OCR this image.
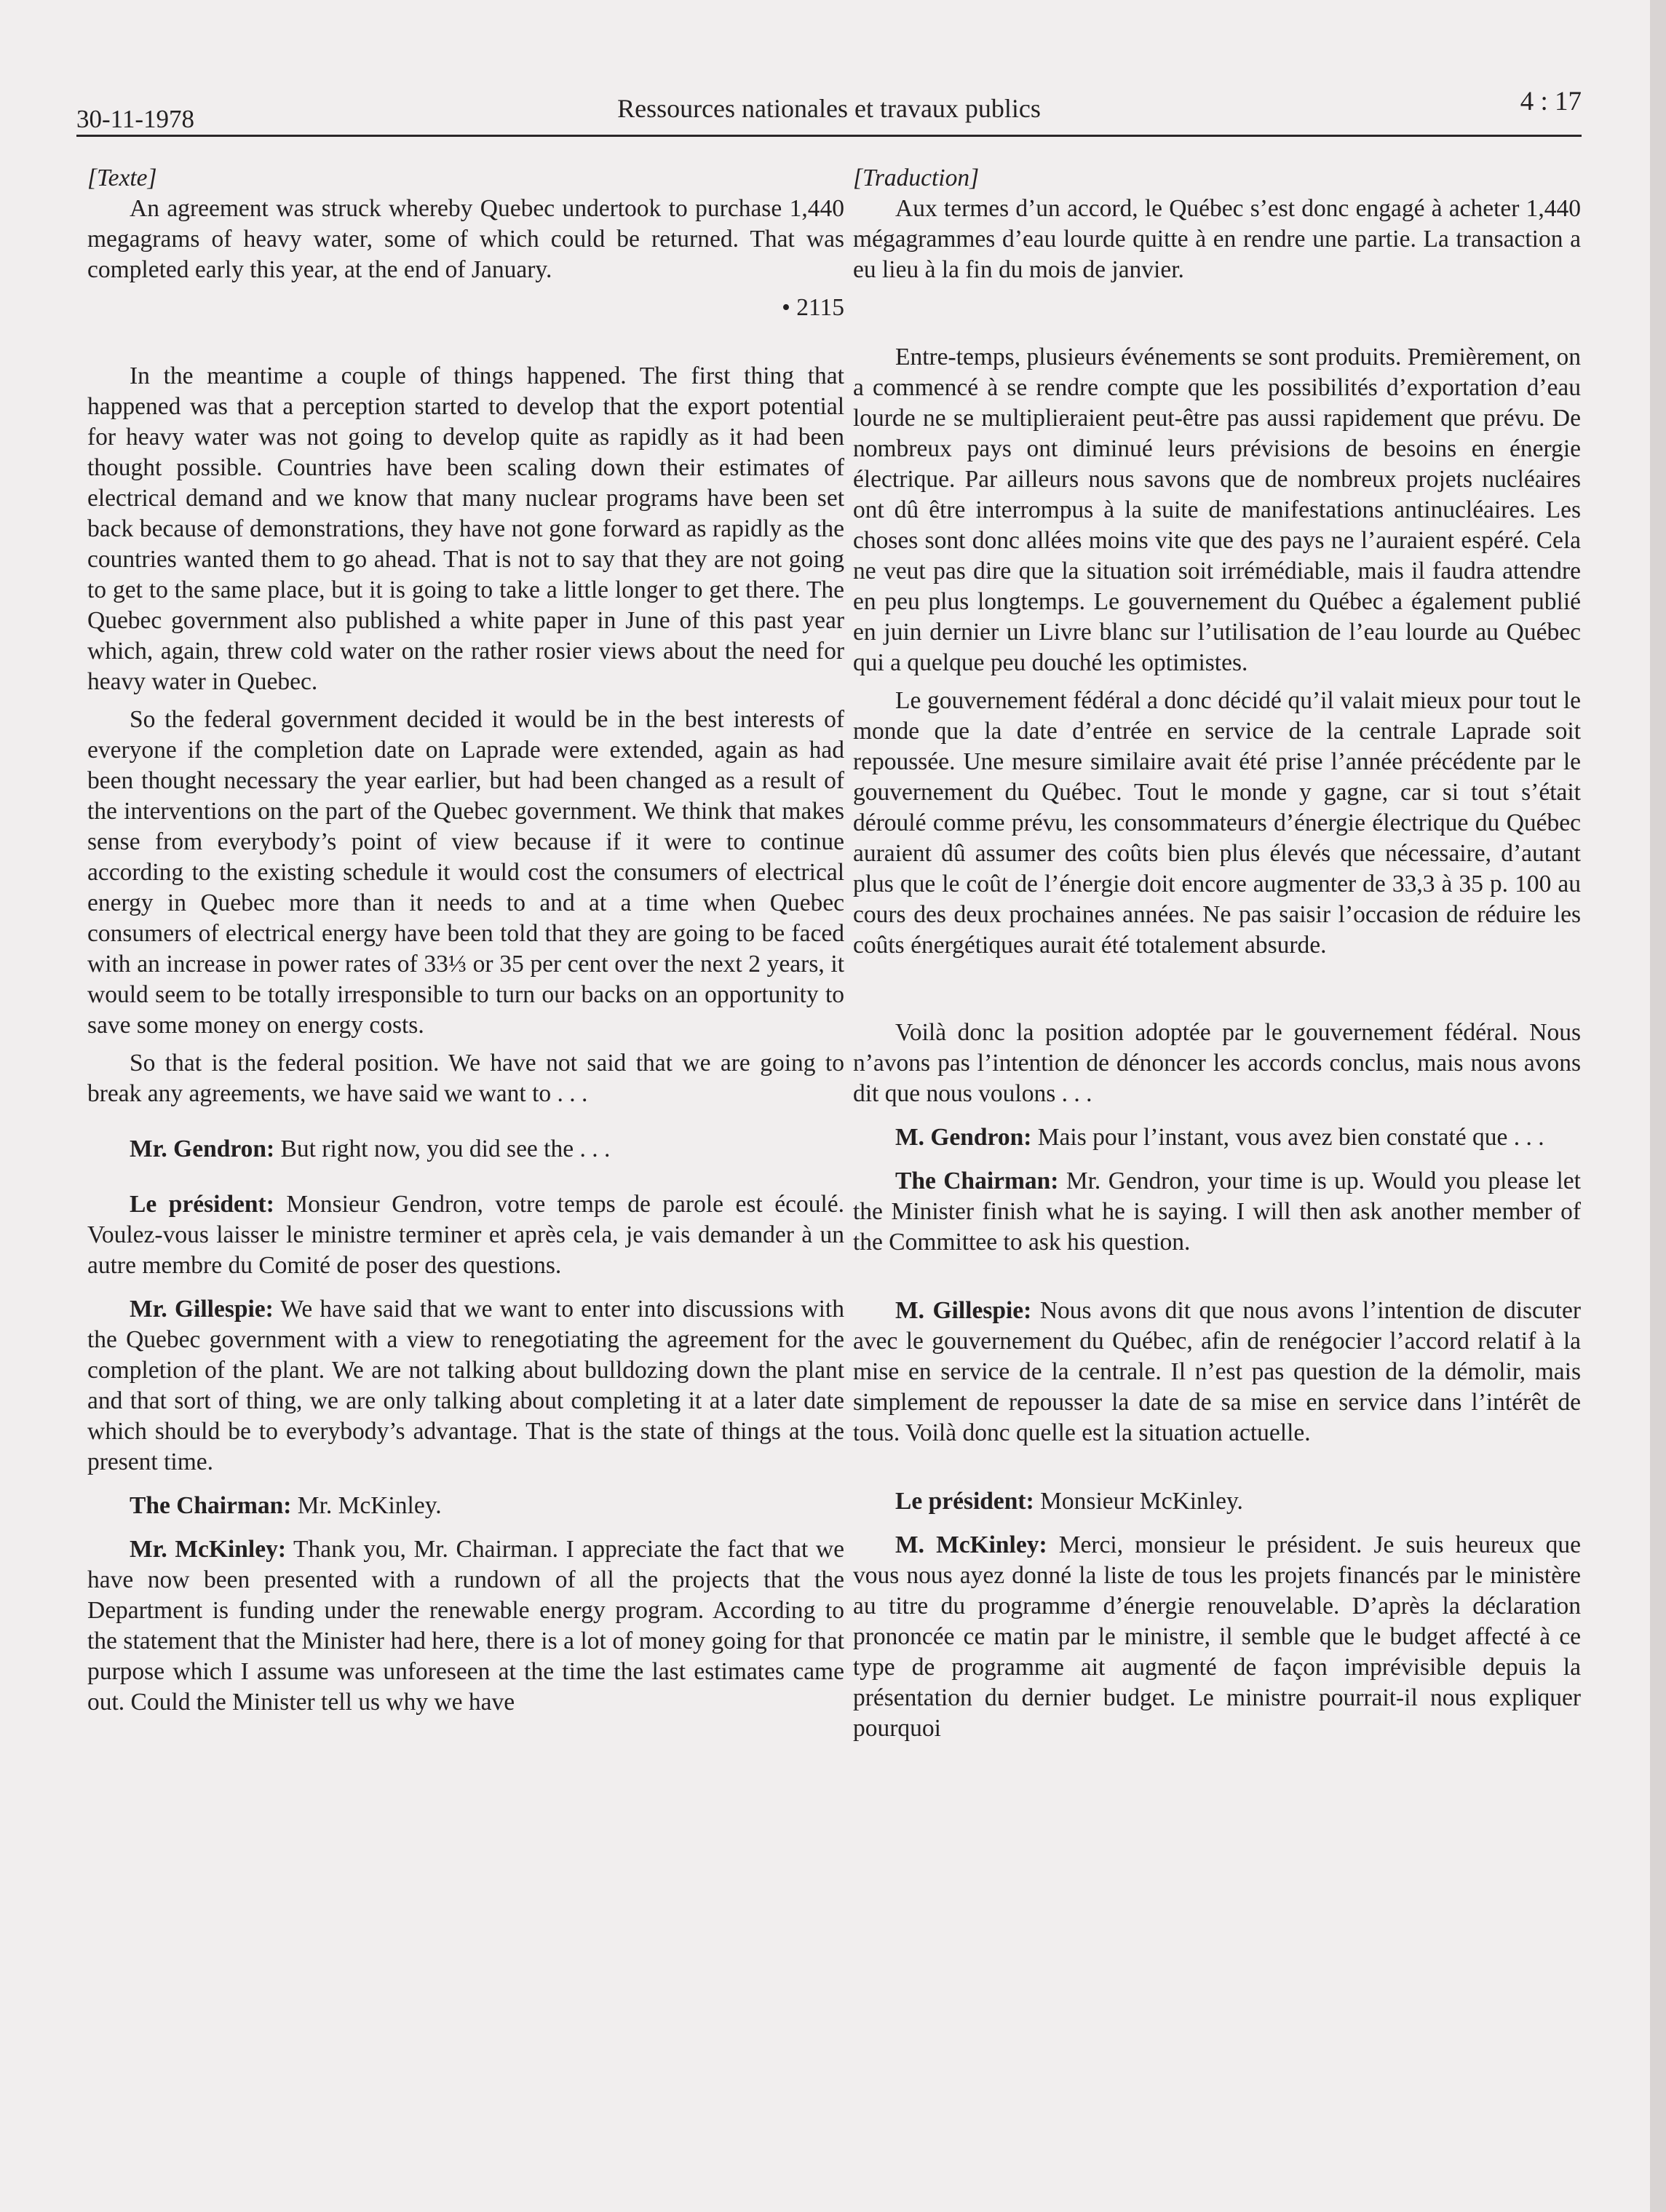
30-11-1978	Ressources nationales et travaux publics	4 : 17

[Texte]

An agreement was struck whereby Quebec undertook to purchase 1,440 megagrams of heavy water, some of which could be returned. That was completed early this year, at the end of January.

• 2115

In the meantime a couple of things happened. The first thing that happened was that a perception started to develop that the export potential for heavy water was not going to develop quite as rapidly as it had been thought possible. Countries have been scaling down their estimates of electrical demand and we know that many nuclear programs have been set back because of demonstrations, they have not gone forward as rapidly as the countries wanted them to go ahead. That is not to say that they are not going to get to the same place, but it is going to take a little longer to get there. The Quebec government also published a white paper in June of this past year which, again, threw cold water on the rather rosier views about the need for heavy water in Quebec.

So the federal government decided it would be in the best interests of everyone if the completion date on Laprade were extended, again as had been thought necessary the year earlier, but had been changed as a result of the interventions on the part of the Quebec government. We think that makes sense from everybody’s point of view because if it were to continue according to the existing schedule it would cost the consumers of electrical energy in Quebec more than it needs to and at a time when Quebec consumers of electrical energy have been told that they are going to be faced with an increase in power rates of 33⅓ or 35 per cent over the next 2 years, it would seem to be totally irresponsible to turn our backs on an opportunity to save some money on energy costs.

So that is the federal position. We have not said that we are going to break any agreements, we have said we want to . . .

Mr. Gendron: But right now, you did see the . . .

Le président: Monsieur Gendron, votre temps de parole est écoulé. Voulez-vous laisser le ministre terminer et après cela, je vais demander à un autre membre du Comité de poser des questions.

Mr. Gillespie: We have said that we want to enter into discussions with the Quebec government with a view to renegotiating the agreement for the completion of the plant. We are not talking about bulldozing down the plant and that sort of thing, we are only talking about completing it at a later date which should be to everybody’s advantage. That is the state of things at the present time.

The Chairman: Mr. McKinley.

Mr. McKinley: Thank you, Mr. Chairman. I appreciate the fact that we have now been presented with a rundown of all the projects that the Department is funding under the renewable energy program. According to the statement that the Minister had here, there is a lot of money going for that purpose which I assume was unforeseen at the time the last estimates came out. Could the Minister tell us why we have

[Traduction]

Aux termes d’un accord, le Québec s’est donc engagé à acheter 1,440 mégagrammes d’eau lourde quitte à en rendre une partie. La transaction a eu lieu à la fin du mois de janvier.

Entre-temps, plusieurs événements se sont produits. Premièrement, on a commencé à se rendre compte que les possibilités d’exportation d’eau lourde ne se multiplieraient peut-être pas aussi rapidement que prévu. De nombreux pays ont diminué leurs prévisions de besoins en énergie électrique. Par ailleurs nous savons que de nombreux projets nucléaires ont dû être interrompus à la suite de manifestations antinucléaires. Les choses sont donc allées moins vite que des pays ne l’auraient espéré. Cela ne veut pas dire que la situation soit irrémédiable, mais il faudra attendre en peu plus longtemps. Le gouvernement du Québec a également publié en juin dernier un Livre blanc sur l’utilisation de l’eau lourde au Québec qui a quelque peu douché les optimistes.

Le gouvernement fédéral a donc décidé qu’il valait mieux pour tout le monde que la date d’entrée en service de la centrale Laprade soit repoussée. Une mesure similaire avait été prise l’année précédente par le gouvernement du Québec. Tout le monde y gagne, car si tout s’était déroulé comme prévu, les consommateurs d’énergie électrique du Québec auraient dû assumer des coûts bien plus élevés que nécessaire, d’autant plus que le coût de l’énergie doit encore augmenter de 33,3 à 35 p. 100 au cours des deux prochaines années. Ne pas saisir l’occasion de réduire les coûts énergétiques aurait été totalement absurde.

Voilà donc la position adoptée par le gouvernement fédéral. Nous n’avons pas l’intention de dénoncer les accords conclus, mais nous avons dit que nous voulons . . .

M. Gendron: Mais pour l’instant, vous avez bien constaté que . . .

The Chairman: Mr. Gendron, your time is up. Would you please let the Minister finish what he is saying. I will then ask another member of the Committee to ask his question.

M. Gillespie: Nous avons dit que nous avons l’intention de discuter avec le gouvernement du Québec, afin de renégocier l’accord relatif à la mise en service de la centrale. Il n’est pas question de la démolir, mais simplement de repousser la date de sa mise en service dans l’intérêt de tous. Voilà donc quelle est la situation actuelle.

Le président: Monsieur McKinley.

M. McKinley: Merci, monsieur le président. Je suis heureux que vous nous ayez donné la liste de tous les projets financés par le ministère au titre du programme d’énergie renouvelable. D’après la déclaration prononcée ce matin par le ministre, il semble que le budget affecté à ce type de programme ait augmenté de façon imprévisible depuis la présentation du dernier budget. Le ministre pourrait-il nous expliquer pourquoi
